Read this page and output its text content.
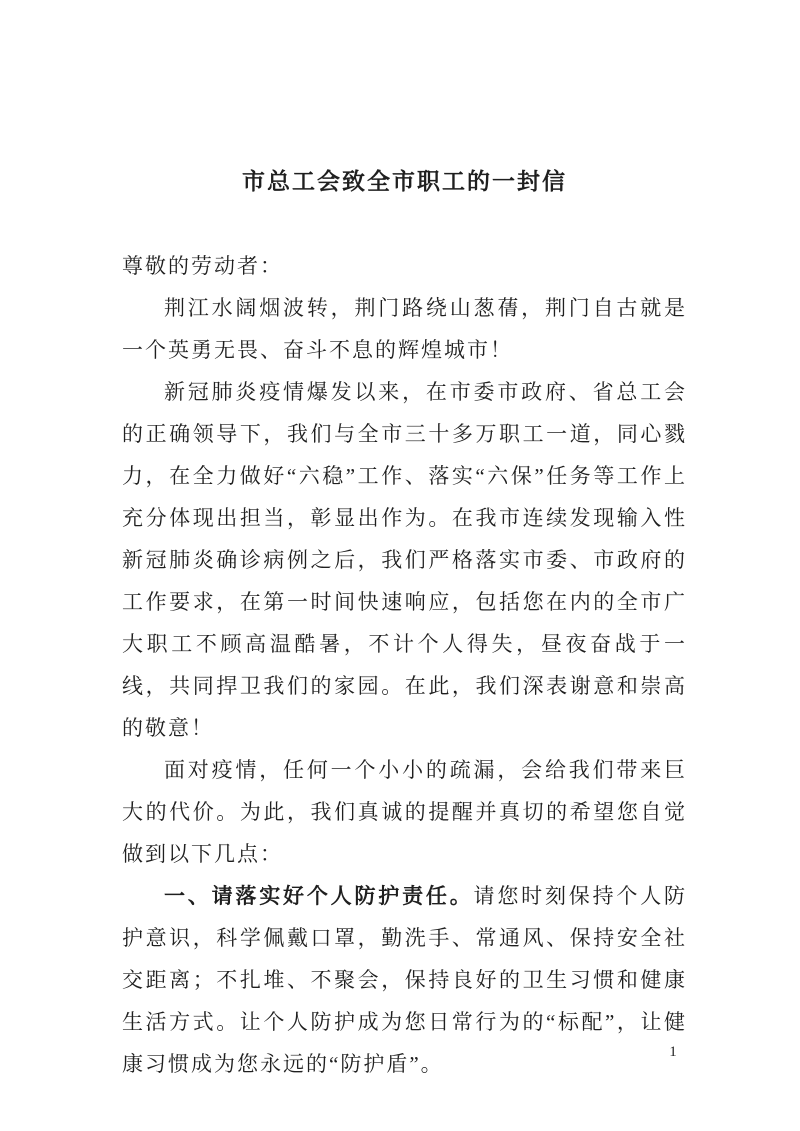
市总工会致全市职工的一封信

尊敬的劳动者：

荆江水阔烟波转，荆门路绕山葱蒨，荆门自古就是一个英勇无畏、奋斗不息的辉煌城市！

新冠肺炎疫情爆发以来，在市委市政府、省总工会的正确领导下，我们与全市三十多万职工一道，同心戮力，在全力做好“六稳”工作、落实“六保”任务等工作上充分体现出担当，彰显出作为。在我市连续发现输入性新冠肺炎确诊病例之后，我们严格落实市委、市政府的工作要求，在第一时间快速响应，包括您在内的全市广大职工不顾高温酷暑，不计个人得失，昼夜奋战于一线，共同捍卫我们的家园。在此，我们深表谢意和崇高的敬意！

面对疫情，任何一个小小的疏漏，会给我们带来巨大的代价。为此，我们真诚的提醒并真切的希望您自觉做到以下几点：

一、请落实好个人防护责任。请您时刻保持个人防护意识，科学佩戴口罩，勤洗手、常通风、保持安全社交距离；不扎堆、不聚会，保持良好的卫生习惯和健康生活方式。让个人防护成为您日常行为的“标配”，让健康习惯成为您永远的“防护盾”。	1
